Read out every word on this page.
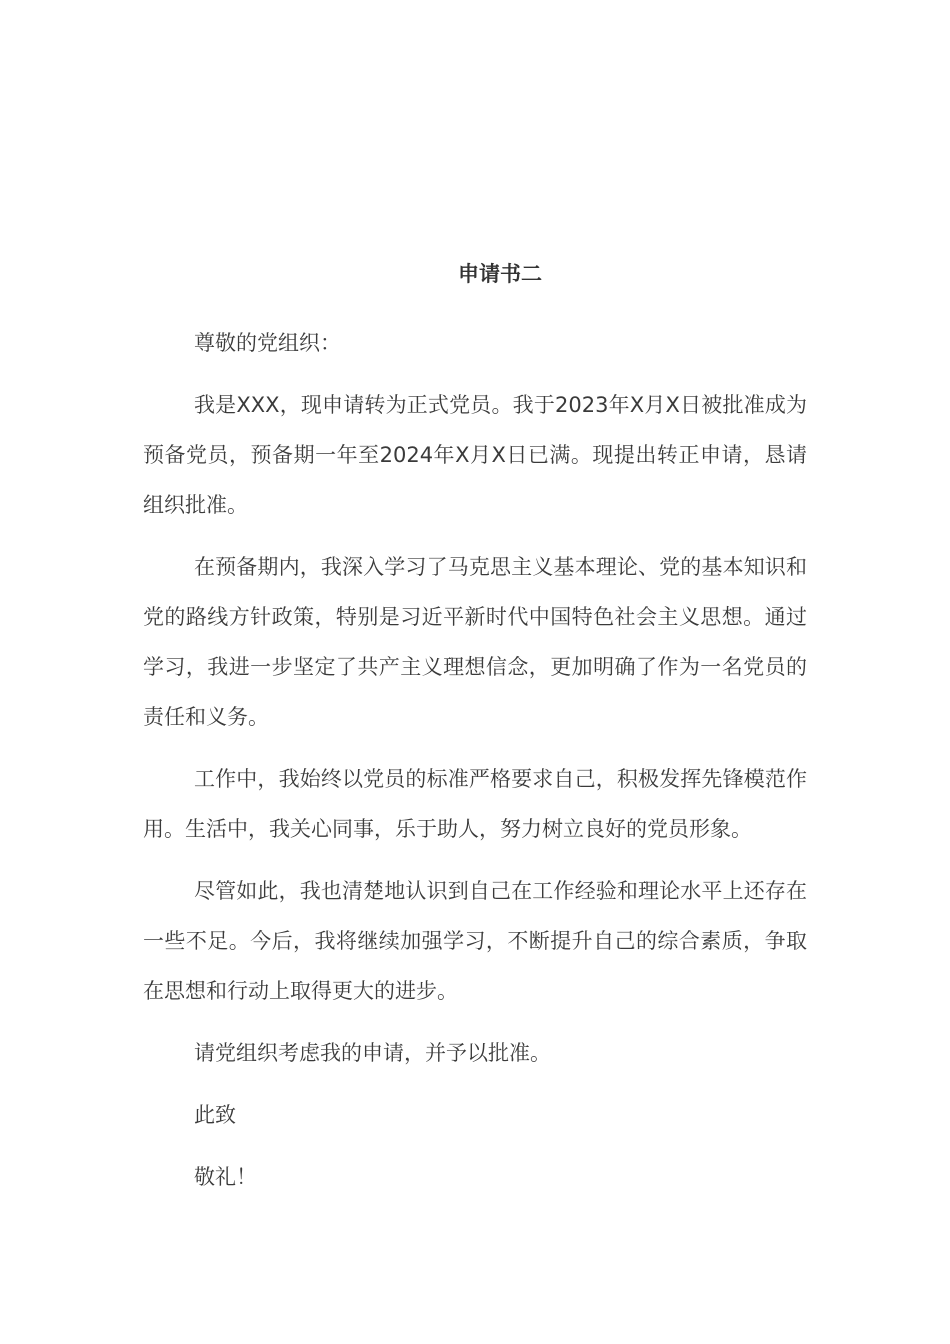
申请书二

尊敬的党组织：

我是XXX，现申请转为正式党员。我于2023年X月X日被批准成为预备党员，预备期一年至2024年X月X日已满。现提出转正申请，恳请组织批准。

在预备期内，我深入学习了马克思主义基本理论、党的基本知识和党的路线方针政策，特别是习近平新时代中国特色社会主义思想。通过学习，我进一步坚定了共产主义理想信念，更加明确了作为一名党员的责任和义务。

工作中，我始终以党员的标准严格要求自己，积极发挥先锋模范作用。生活中，我关心同事，乐于助人，努力树立良好的党员形象。

尽管如此，我也清楚地认识到自己在工作经验和理论水平上还存在一些不足。今后，我将继续加强学习，不断提升自己的综合素质，争取在思想和行动上取得更大的进步。

请党组织考虑我的申请，并予以批准。

此致

敬礼！
